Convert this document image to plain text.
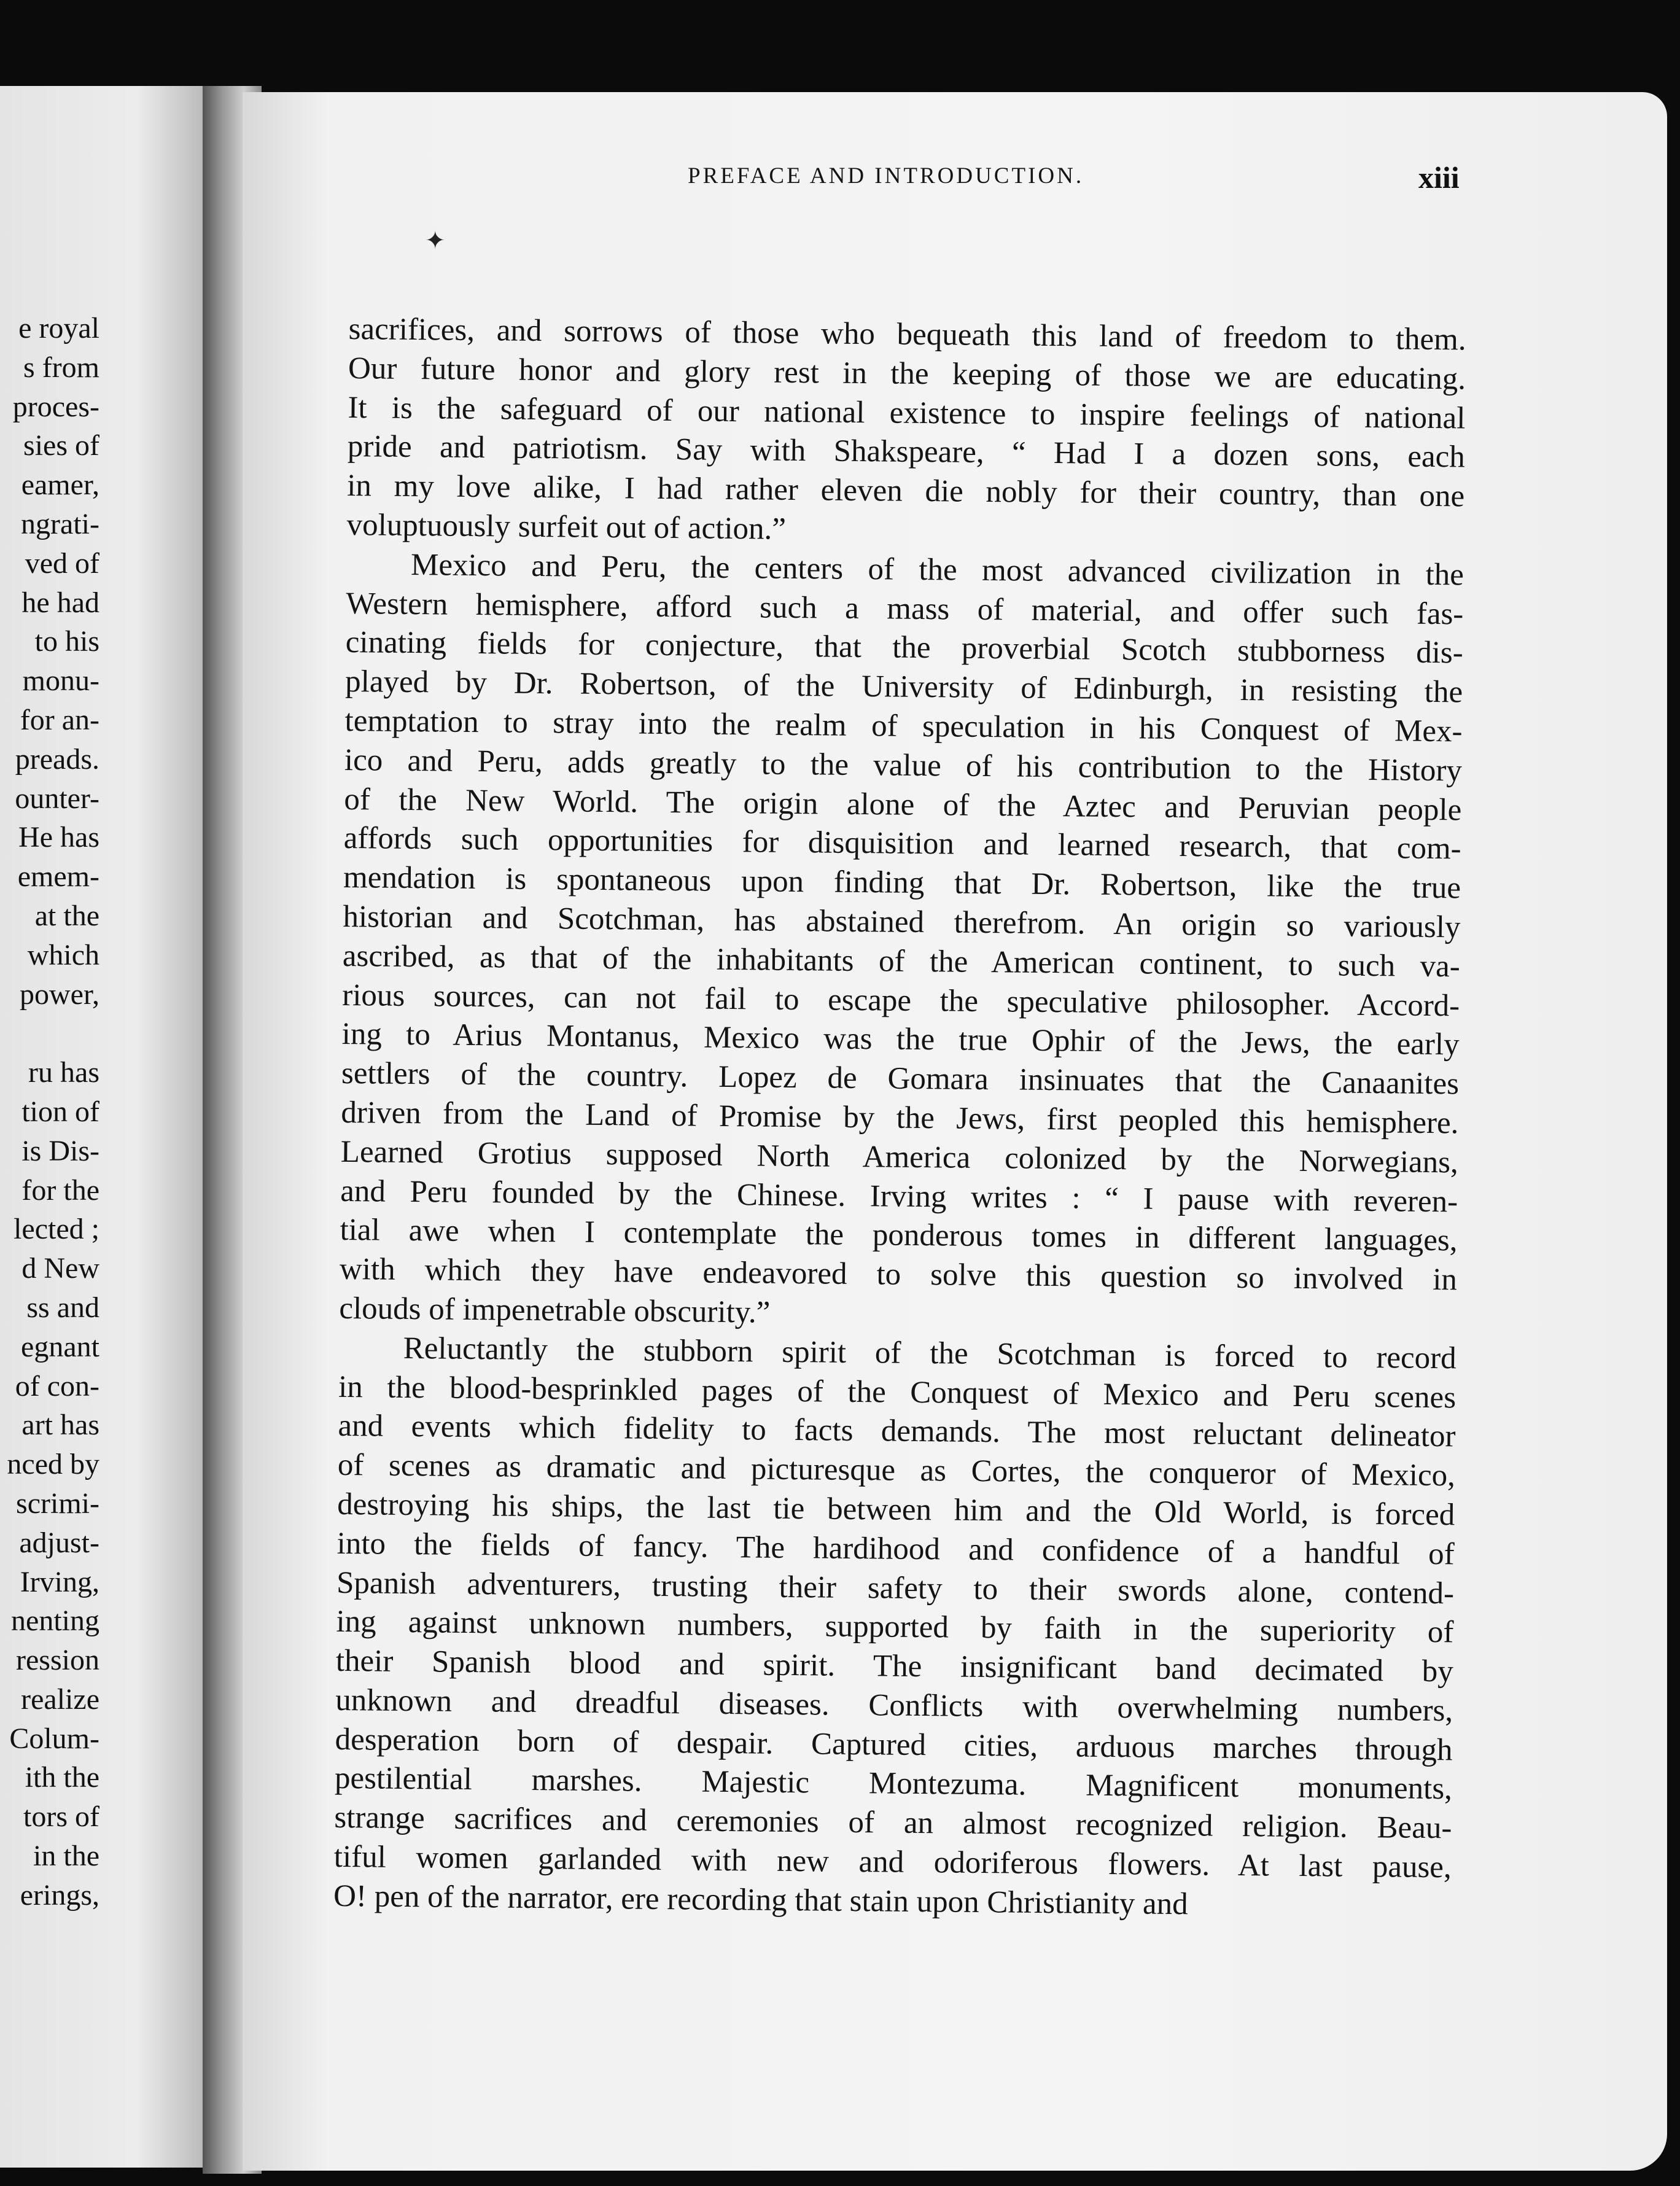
e royal
s from
proces-
sies of
eamer,
ngrati-
ved of
he had
to his
monu-
for an-
preads.
ounter-
He has
emem-
at the
which
power,
ru has
tion of
is Dis-
for the
lected ;
d New
ss and
egnant
of con-
art has
nced by
scrimi-
adjust-
Irving,
nenting
ression
realize
Colum-
ith the
tors of
in the
erings,
✦
PREFACE AND INTRODUCTION.	xiii
sacrifices, and sorrows of those who bequeath this land of freedom to them.
Our future honor and glory rest in the keeping of those we are educating.
It is the safeguard of our national existence to inspire feelings of national
pride and patriotism. Say with Shakspeare, “ Had I a dozen sons, each
in my love alike, I had rather eleven die nobly for their country, than one
voluptuously surfeit out of action.”
Mexico and Peru, the centers of the most advanced civilization in the
Western hemisphere, afford such a mass of material, and offer such fas-
cinating fields for conjecture, that the proverbial Scotch stubborness dis-
played by Dr. Robertson, of the University of Edinburgh, in resisting the
temptation to stray into the realm of speculation in his Conquest of Mex-
ico and Peru, adds greatly to the value of his contribution to the History
of the New World. The origin alone of the Aztec and Peruvian people
affords such opportunities for disquisition and learned research, that com-
mendation is spontaneous upon finding that Dr. Robertson, like the true
historian and Scotchman, has abstained therefrom. An origin so variously
ascribed, as that of the inhabitants of the American continent, to such va-
rious sources, can not fail to escape the speculative philosopher. Accord-
ing to Arius Montanus, Mexico was the true Ophir of the Jews, the early
settlers of the country. Lopez de Gomara insinuates that the Canaanites
driven from the Land of Promise by the Jews, first peopled this hemisphere.
Learned Grotius supposed North America colonized by the Norwegians,
and Peru founded by the Chinese. Irving writes : “ I pause with reveren-
tial awe when I contemplate the ponderous tomes in different languages,
with which they have endeavored to solve this question so involved in
clouds of impenetrable obscurity.”
Reluctantly the stubborn spirit of the Scotchman is forced to record
in the blood-besprinkled pages of the Conquest of Mexico and Peru scenes
and events which fidelity to facts demands. The most reluctant delineator
of scenes as dramatic and picturesque as Cortes, the conqueror of Mexico,
destroying his ships, the last tie between him and the Old World, is forced
into the fields of fancy. The hardihood and confidence of a handful of
Spanish adventurers, trusting their safety to their swords alone, contend-
ing against unknown numbers, supported by faith in the superiority of
their Spanish blood and spirit. The insignificant band decimated by
unknown and dreadful diseases. Conflicts with overwhelming numbers,
desperation born of despair. Captured cities, arduous marches through
pestilential marshes. Majestic Montezuma. Magnificent monuments,
strange sacrifices and ceremonies of an almost recognized religion. Beau-
tiful women garlanded with new and odoriferous flowers. At last pause,
O! pen of the narrator, ere recording that stain upon Christianity and
